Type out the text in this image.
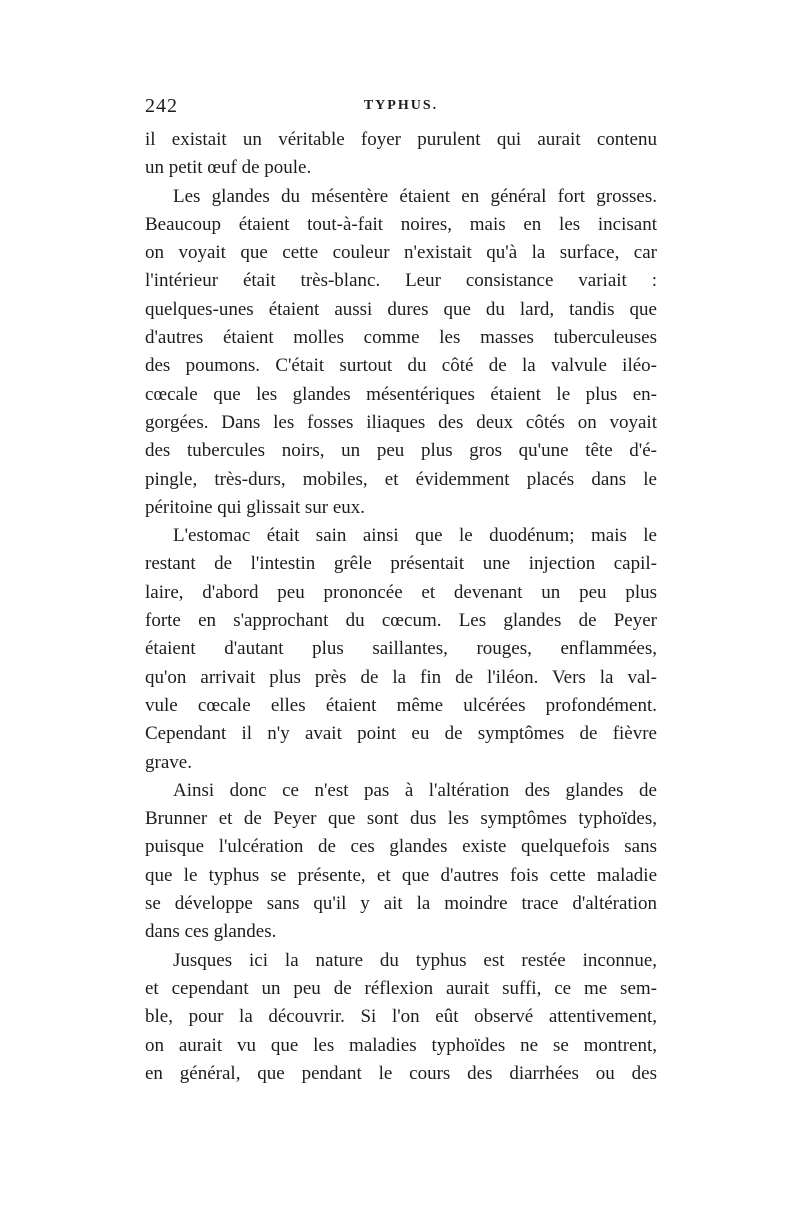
242	TYPHUS.
il existait un véritable foyer purulent qui aurait contenu
un petit œuf de poule.
Les glandes du mésentère étaient en général fort grosses.
Beaucoup étaient tout-à-fait noires, mais en les incisant
on voyait que cette couleur n'existait qu'à la surface, car
l'intérieur était très-blanc. Leur consistance variait :
quelques-unes étaient aussi dures que du lard, tandis que
d'autres étaient molles comme les masses tuberculeuses
des poumons. C'était surtout du côté de la valvule iléo-
cœcale que les glandes mésentériques étaient le plus en-
gorgées. Dans les fosses iliaques des deux côtés on voyait
des tubercules noirs, un peu plus gros qu'une tête d'é-
pingle, très-durs, mobiles, et évidemment placés dans le
péritoine qui glissait sur eux.
L'estomac était sain ainsi que le duodénum; mais le
restant de l'intestin grêle présentait une injection capil-
laire, d'abord peu prononcée et devenant un peu plus
forte en s'approchant du cœcum. Les glandes de Peyer
étaient d'autant plus saillantes, rouges, enflammées,
qu'on arrivait plus près de la fin de l'iléon. Vers la val-
vule cœcale elles étaient même ulcérées profondément.
Cependant il n'y avait point eu de symptômes de fièvre
grave.
Ainsi donc ce n'est pas à l'altération des glandes de
Brunner et de Peyer que sont dus les symptômes typhoïdes,
puisque l'ulcération de ces glandes existe quelquefois sans
que le typhus se présente, et que d'autres fois cette maladie
se développe sans qu'il y ait la moindre trace d'altération
dans ces glandes.
Jusques ici la nature du typhus est restée inconnue,
et cependant un peu de réflexion aurait suffi, ce me sem-
ble, pour la découvrir. Si l'on eût observé attentivement,
on aurait vu que les maladies typhoïdes ne se montrent,
en général, que pendant le cours des diarrhées ou des
